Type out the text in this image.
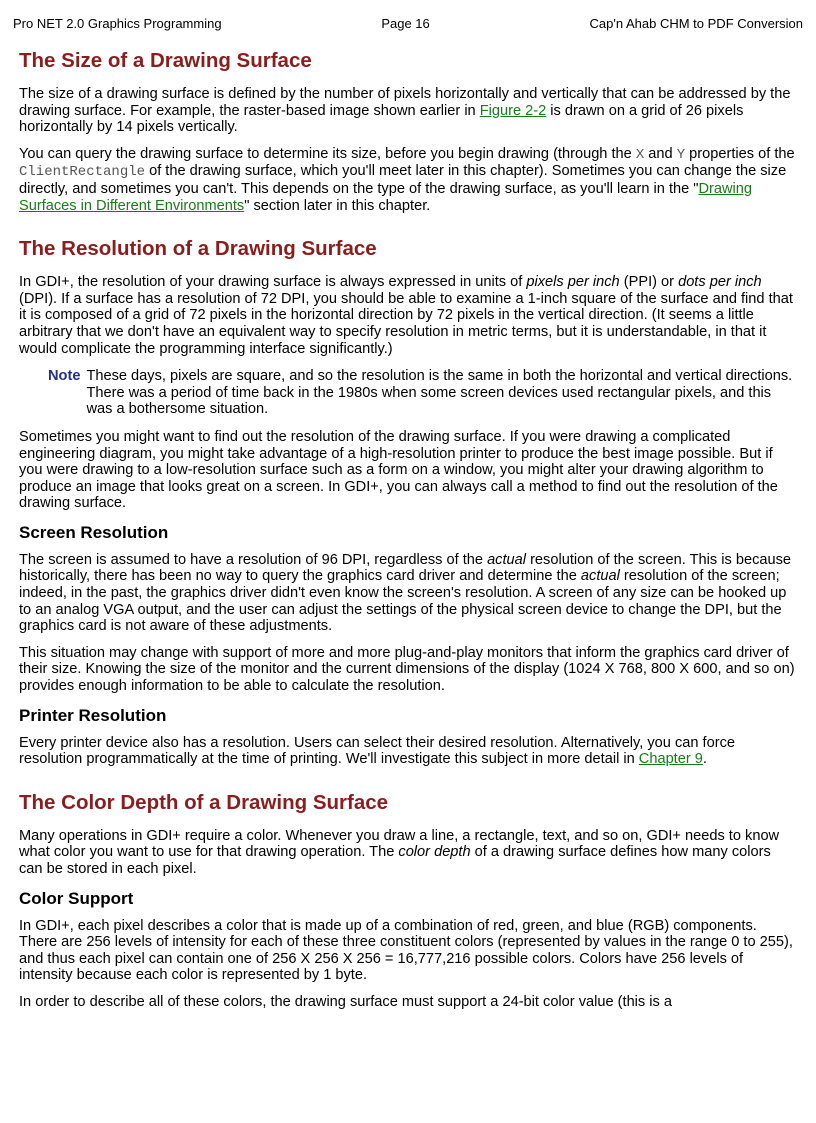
Pro NET 2.0 Graphics Programming	Page 16	Cap'n Ahab CHM to PDF Conversion
The Size of a Drawing Surface

The size of a drawing surface is defined by the number of pixels horizontally and vertically that can be addressed by the drawing surface. For example, the raster-based image shown earlier in Figure 2-2 is drawn on a grid of 26 pixels horizontally by 14 pixels vertically.

You can query the drawing surface to determine its size, before you begin drawing (through the X and Y properties of the ClientRectangle of the drawing surface, which you'll meet later in this chapter). Sometimes you can change the size directly, and sometimes you can't. This depends on the type of the drawing surface, as you'll learn in the "Drawing Surfaces in Different Environments" section later in this chapter.

The Resolution of a Drawing Surface

In GDI+, the resolution of your drawing surface is always expressed in units of pixels per inch (PPI) or dots per inch (DPI). If a surface has a resolution of 72 DPI, you should be able to examine a 1-inch square of the surface and find that it is composed of a grid of 72 pixels in the horizontal direction by 72 pixels in the vertical direction. (It seems a little arbitrary that we don't have an equivalent way to specify resolution in metric terms, but it is understandable, in that it would complicate the programming interface significantly.)

Note These days, pixels are square, and so the resolution is the same in both the horizontal and vertical directions. There was a period of time back in the 1980s when some screen devices used rectangular pixels, and this was a bothersome situation.

Sometimes you might want to find out the resolution of the drawing surface. If you were drawing a complicated engineering diagram, you might take advantage of a high-resolution printer to produce the best image possible. But if you were drawing to a low-resolution surface such as a form on a window, you might alter your drawing algorithm to produce an image that looks great on a screen. In GDI+, you can always call a method to find out the resolution of the drawing surface.

Screen Resolution

The screen is assumed to have a resolution of 96 DPI, regardless of the actual resolution of the screen. This is because historically, there has been no way to query the graphics card driver and determine the actual resolution of the screen; indeed, in the past, the graphics driver didn't even know the screen's resolution. A screen of any size can be hooked up to an analog VGA output, and the user can adjust the settings of the physical screen device to change the DPI, but the graphics card is not aware of these adjustments.

This situation may change with support of more and more plug-and-play monitors that inform the graphics card driver of their size. Knowing the size of the monitor and the current dimensions of the display (1024 X 768, 800 X 600, and so on) provides enough information to be able to calculate the resolution.

Printer Resolution

Every printer device also has a resolution. Users can select their desired resolution. Alternatively, you can force resolution programmatically at the time of printing. We'll investigate this subject in more detail in Chapter 9.

The Color Depth of a Drawing Surface

Many operations in GDI+ require a color. Whenever you draw a line, a rectangle, text, and so on, GDI+ needs to know what color you want to use for that drawing operation. The color depth of a drawing surface defines how many colors can be stored in each pixel.

Color Support

In GDI+, each pixel describes a color that is made up of a combination of red, green, and blue (RGB) components. There are 256 levels of intensity for each of these three constituent colors (represented by values in the range 0 to 255), and thus each pixel can contain one of 256 X 256 X 256 = 16,777,216 possible colors. Colors have 256 levels of intensity because each color is represented by 1 byte.

In order to describe all of these colors, the drawing surface must support a 24-bit color value (this is a
